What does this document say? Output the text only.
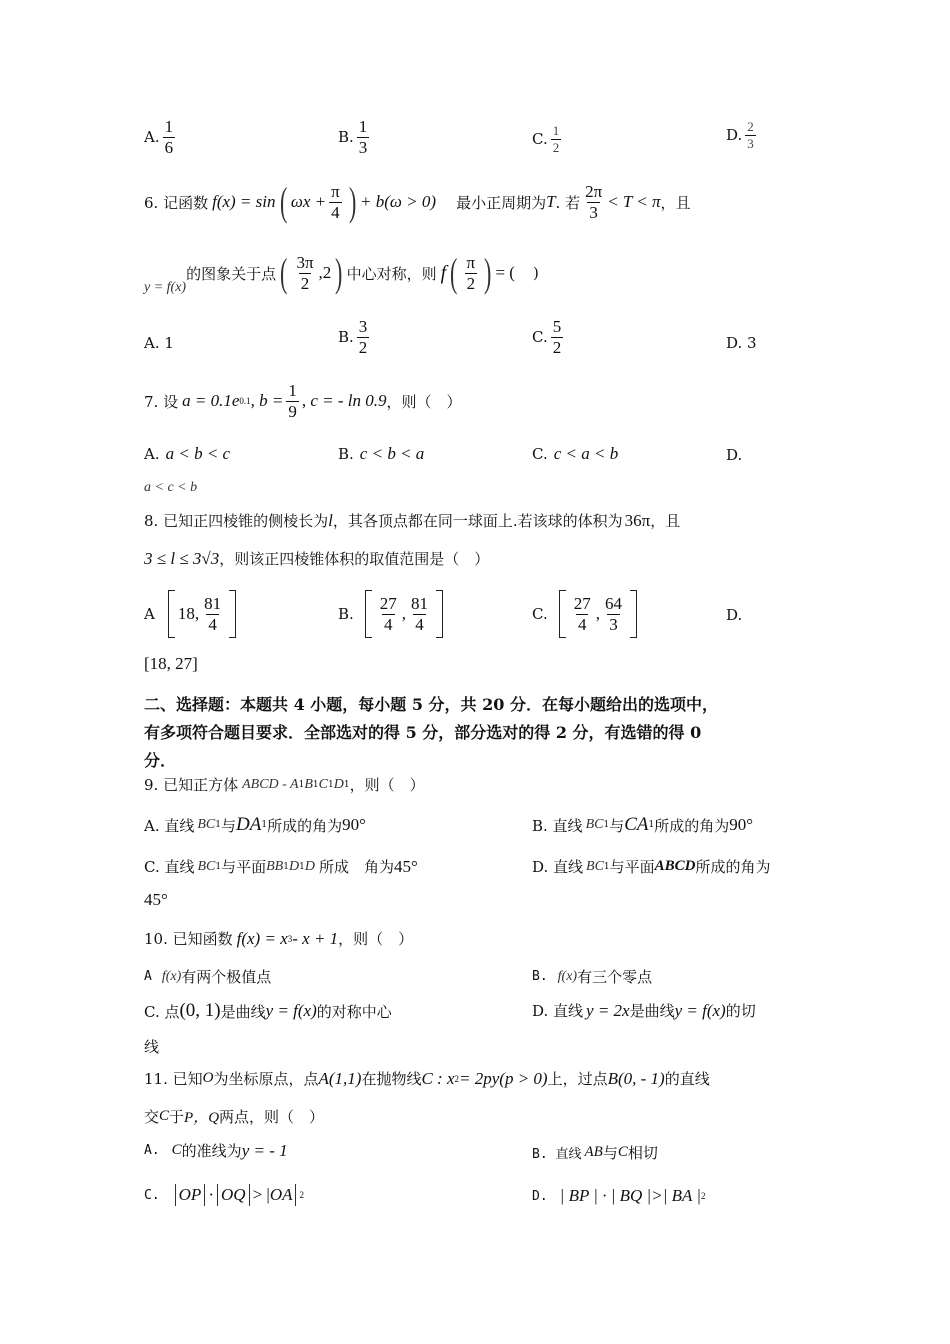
A. $\frac{1}{6}$	B. $\frac{1}{3}$	C. $\frac{1}{2}$	D. $\frac{2}{3}$
6. 记函数 f(x) = sin ( $\omega x + \frac{\pi}{4}$ ) + b(ω > 0) 最小正周期为 T . 若 $\frac{2\pi}{3} < T < \pi$ ，且
y = f(x)
的图象关于点 ( $\frac{3\pi}{2} ,2$ ) 中心对称，则 f ( $\frac{\pi}{2}$ ) = ( )
A. 1	B. $\frac{3}{2}$	C. $\frac{5}{2}$	D. 3
7. 设 a = 0.1e 0.1 , $b = \frac{1}{9}$ , c = - ln 0.9 ，则（　）
A. a < b < c	B. c < b < a	C. c < a < b	D.
a < c < b
8. 已知正四棱锥的侧棱长为 l ，其各顶点都在同一球面上.若该球的体积为 36π ，且
3 ≤ l ≤ 3√3 ，则该正四棱锥体积的取值范围是（　）
A 18, $\frac{81}{4}$	B. $\frac{27}{4}$ , $\frac{81}{4}$	C. $\frac{27}{4}$ , $\frac{64}{3}$	D.
[18, 27]
二、选择题：本题共 4 小题，每小题 5 分，共 20 分．在每小题给出的选项中，
有多项符合题目要求．全部选对的得 5 分，部分选对的得 2 分，有选错的得 0
分．
9. 已知正方体 ABCD - A 1 B 1 C 1 D 1 ，则（　）
A. 直线 BC 1 与 DA 1 所成的角为 90°	B. 直线 BC 1 与 CA 1 所成的角为 90°
C. 直线 BC 1 与平面 BB 1 D 1 D 所成　角为 45°	D. 直线 BC 1 与平面 ABCD 所成的角为
45°
10. 已知函数 f(x) = x 3 - x + 1 ，则（　）
A f(x) 有两个极值点	B. f(x) 有三个零点
C. 点 (0, 1) 是曲线 y = f(x) 的对称中心	D. 直线 y = 2x 是曲线 y = f(x) 的切
线
11. 已知 O 为坐标原点，点 A(1,1) 在抛物线 C : x 2 = 2py(p > 0) 上，过点 B(0, - 1) 的直线
交 C 于 P，Q 两点，则（　）
A. C 的准线为 y = - 1	B. 直线 AB 与 C 相切
C. OP · OQ > | OA 2	D. | BP | · | BQ |>| BA | 2
